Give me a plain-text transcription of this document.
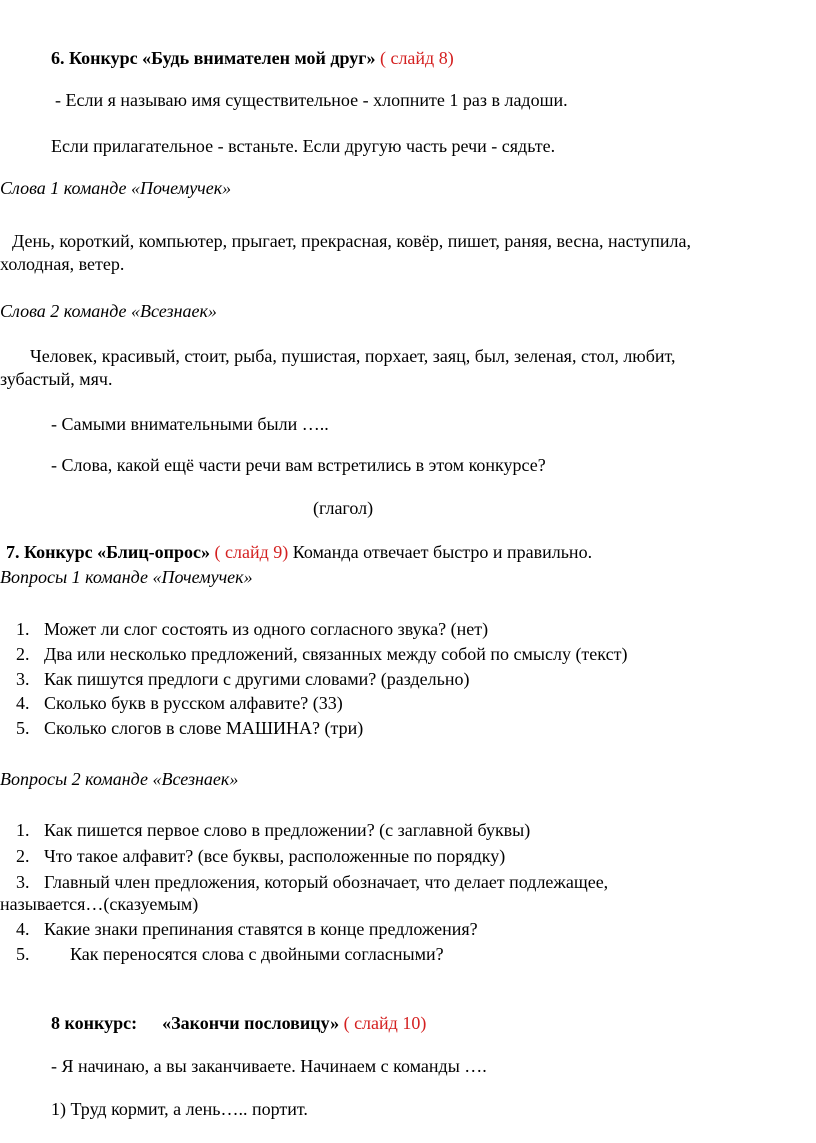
6. Конкурс «Будь внимателен мой друг» ( слайд 8)
- Если я называю имя существительное - хлопните 1 раз в ладоши.
Если прилагательное - встаньте. Если другую часть речи - сядьте.
Слова 1 команде «Почемучек»
День, короткий, компьютер, прыгает, прекрасная, ковёр, пишет, раняя, весна, наступила,
холодная, ветер.
Слова 2 команде «Всезнаек»
Человек, красивый, стоит, рыба, пушистая, порхает, заяц, был, зеленая, стол, любит,
зубастый, мяч.
- Самыми внимательными были …..
- Слова, какой ещё части речи вам встретились в этом конкурсе?
(глагол)
7. Конкурс «Блиц-опрос» ( слайд 9) Команда отвечает быстро и правильно.
Вопросы 1 команде «Почемучек»
1. Может ли слог состоять из одного согласного звука? (нет)
2. Два или несколько предложений, связанных между собой по смыслу (текст)
3. Как пишутся предлоги с другими словами? (раздельно)
4. Сколько букв в русском алфавите? (33)
5. Сколько слогов в слове МАШИНА? (три)
Вопросы 2 команде «Всезнаек»
1. Как пишется первое слово в предложении? (с заглавной буквы)
2. Что такое алфавит? (все буквы, расположенные по порядку)
3. Главный член предложения, который обозначает, что делает подлежащее,
называется…(сказуемым)
4. Какие знаки препинания ставятся в конце предложения?
5. Как переносятся слова с двойными согласными?
8 конкурс: «Закончи пословицу» ( слайд 10)
- Я начинаю, а вы заканчиваете. Начинаем с команды ….
1) Труд кормит, а лень….. портит.
